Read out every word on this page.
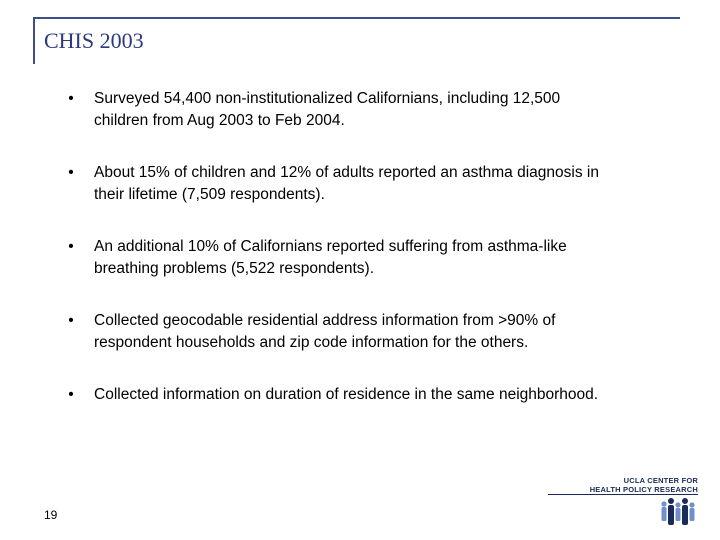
CHIS 2003
• Surveyed 54,400 non-institutionalized Californians, including 12,500 children from Aug 2003 to Feb 2004.
• About 15% of children and 12% of adults reported an asthma diagnosis in their lifetime (7,509 respondents).
• An additional 10% of Californians reported suffering from asthma-like breathing problems (5,522 respondents).
• Collected geocodable residential address information from >90% of respondent households and zip code information for the others.
• Collected information on duration of residence in the same neighborhood.
19
UCLA CENTER FOR
HEALTH POLICY RESEARCH
